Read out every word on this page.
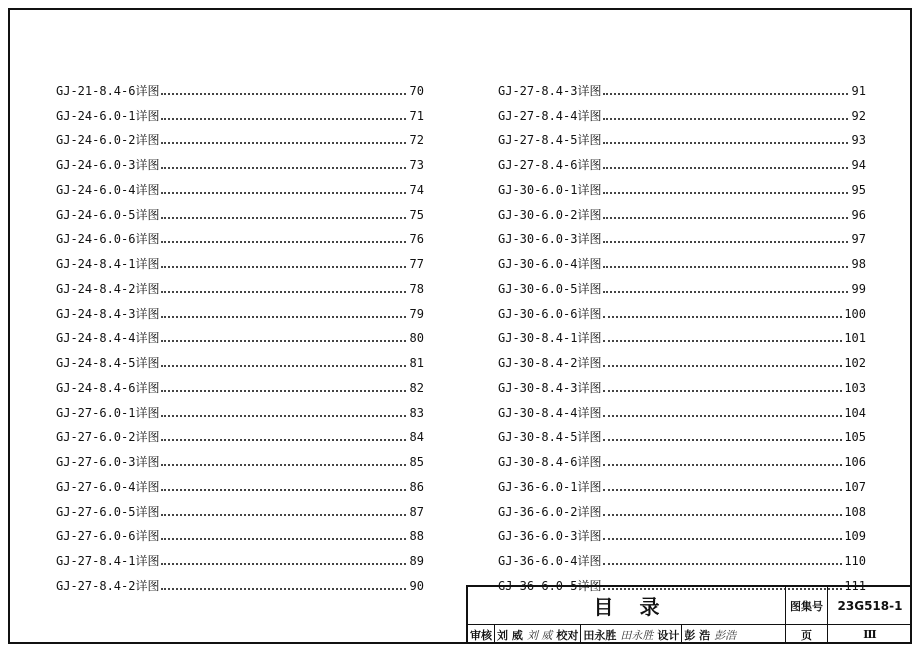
GJ-21-8.4-6详图	70
GJ-24-6.0-1详图	71
GJ-24-6.0-2详图	72
GJ-24-6.0-3详图	73
GJ-24-6.0-4详图	74
GJ-24-6.0-5详图	75
GJ-24-6.0-6详图	76
GJ-24-8.4-1详图	77
GJ-24-8.4-2详图	78
GJ-24-8.4-3详图	79
GJ-24-8.4-4详图	80
GJ-24-8.4-5详图	81
GJ-24-8.4-6详图	82
GJ-27-6.0-1详图	83
GJ-27-6.0-2详图	84
GJ-27-6.0-3详图	85
GJ-27-6.0-4详图	86
GJ-27-6.0-5详图	87
GJ-27-6.0-6详图	88
GJ-27-8.4-1详图	89
GJ-27-8.4-2详图	90
GJ-27-8.4-3详图	91
GJ-27-8.4-4详图	92
GJ-27-8.4-5详图	93
GJ-27-8.4-6详图	94
GJ-30-6.0-1详图	95
GJ-30-6.0-2详图	96
GJ-30-6.0-3详图	97
GJ-30-6.0-4详图	98
GJ-30-6.0-5详图	99
GJ-30-6.0-6详图	100
GJ-30-8.4-1详图	101
GJ-30-8.4-2详图	102
GJ-30-8.4-3详图	103
GJ-30-8.4-4详图	104
GJ-30-8.4-5详图	105
GJ-30-8.4-6详图	106
GJ-36-6.0-1详图	107
GJ-36-6.0-2详图	108
GJ-36-6.0-3详图	109
GJ-36-6.0-4详图	110
GJ-36-6.0-5详图	111
目录
审核 刘 威 刘 威 校对 田永胜 田永胜 设计 彭 浩 彭浩
图集号	23G518-1
页	Ⅲ
